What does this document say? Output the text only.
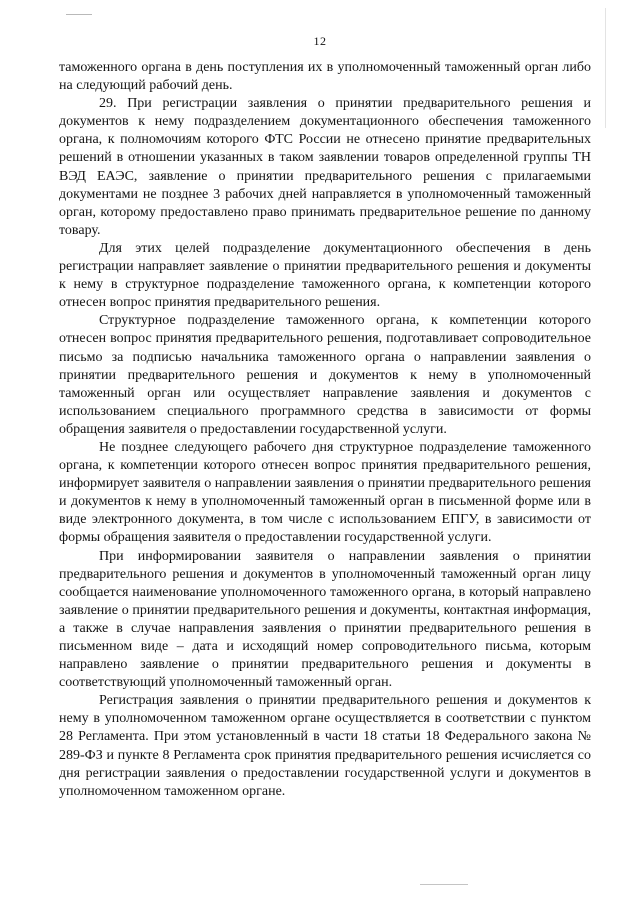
12

таможенного органа в день поступления их в уполномоченный таможенный орган либо на следующий рабочий день.

29. При регистрации заявления о принятии предварительного решения и документов к нему подразделением документационного обеспечения таможенного органа, к полномочиям которого ФТС России не отнесено принятие предварительных решений в отношении указанных в таком заявлении товаров определенной группы ТН ВЭД ЕАЭС, заявление о принятии предварительного решения с прилагаемыми документами не позднее 3 рабочих дней направляется в уполномоченный таможенный орган, которому предоставлено право принимать предварительное решение по данному товару.

Для этих целей подразделение документационного обеспечения в день регистрации направляет заявление о принятии предварительного решения и документы к нему в структурное подразделение таможенного органа, к компетенции которого отнесен вопрос принятия предварительного решения.

Структурное подразделение таможенного органа, к компетенции которого отнесен вопрос принятия предварительного решения, подготавливает сопроводительное письмо за подписью начальника таможенного органа о направлении заявления о принятии предварительного решения и документов к нему в уполномоченный таможенный орган или осуществляет направление заявления и документов с использованием специального программного средства в зависимости от формы обращения заявителя о предоставлении государственной услуги.

Не позднее следующего рабочего дня структурное подразделение таможенного органа, к компетенции которого отнесен вопрос принятия предварительного решения, информирует заявителя о направлении заявления о принятии предварительного решения и документов к нему в уполномоченный таможенный орган в письменной форме или в виде электронного документа, в том числе с использованием ЕПГУ, в зависимости от формы обращения заявителя о предоставлении государственной услуги.

При информировании заявителя о направлении заявления о принятии предварительного решения и документов в уполномоченный таможенный орган лицу сообщается наименование уполномоченного таможенного органа, в который направлено заявление о принятии предварительного решения и документы, контактная информация, а также в случае направления заявления о принятии предварительного решения в письменном виде – дата и исходящий номер сопроводительного письма, которым направлено заявление о принятии предварительного решения и документы в соответствующий уполномоченный таможенный орган.

Регистрация заявления о принятии предварительного решения и документов к нему в уполномоченном таможенном органе осуществляется в соответствии с пунктом 28 Регламента. При этом установленный в части 18 статьи 18 Федерального закона № 289-ФЗ и пункте 8 Регламента срок принятия предварительного решения исчисляется со дня регистрации заявления о предоставлении государственной услуги и документов в уполномоченном таможенном органе.
